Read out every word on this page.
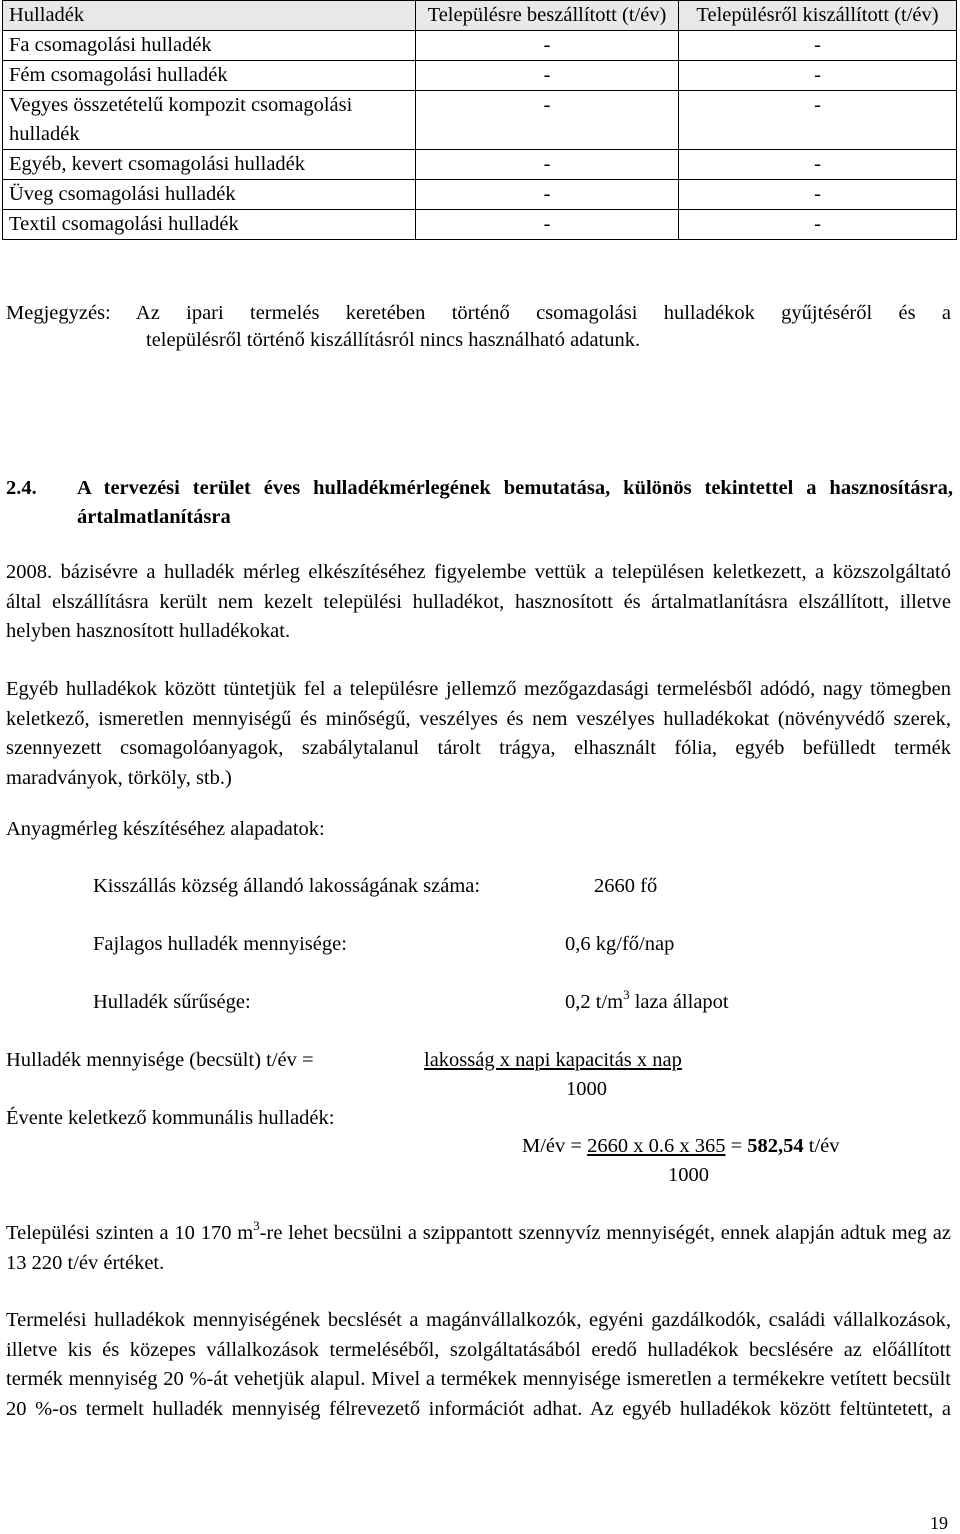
Hulladék	Településre beszállított (t/év)	Településről kiszállított (t/év)
Fa csomagolási hulladék	-	-
Fém csomagolási hulladék	-	-
Vegyes összetételű kompozit csomagolási hulladék	-	-
Egyéb, kevert csomagolási hulladék	-	-
Üveg csomagolási hulladék	-	-
Textil csomagolási hulladék	-	-
Megjegyzés: Az ipari termelés keretében történő csomagolási hulladékok gyűjtéséről és a
településről történő kiszállításról nincs használható adatunk.
2.4. A tervezési terület éves hulladékmérlegének bemutatása, különös tekintettel a hasznosításra, ártalmatlanításra
2008. bázisévre a hulladék mérleg elkészítéséhez figyelembe vettük a településen keletkezett, a közszolgáltató által elszállításra került nem kezelt települési hulladékot, hasznosított és ártalmatlanításra elszállított, illetve helyben hasznosított hulladékokat.
Egyéb hulladékok között tüntetjük fel a településre jellemző mezőgazdasági termelésből adódó, nagy tömegben keletkező, ismeretlen mennyiségű és minőségű, veszélyes és nem veszélyes hulladékokat (növényvédő szerek, szennyezett csomagolóanyagok, szabálytalanul tárolt trágya, elhasznált fólia, egyéb befülledt termék maradványok, törköly, stb.)
Anyagmérleg készítéséhez alapadatok:
Kisszállás község állandó lakosságának száma:	2660 fő
Fajlagos hulladék mennyisége:	0,6 kg/fő/nap
Hulladék sűrűsége:	0,2 $t/m^3$ laza állapot
Hulladék mennyisége (becsült) t/év =	lakosság x napi kapacitás x nap
1000
Évente keletkező kommunális hulladék:
M/év = 2660 x 0.6 x 365 = 582,54 t/év
1000
Települési szinten a 10 170 $m^3-re$ lehet becsülni a szippantott szennyvíz mennyiségét, ennek alapján adtuk meg az 13 220 t/év értéket.
Termelési hulladékok mennyiségének becslését a magánvállalkozók, egyéni gazdálkodók, családi vállalkozások, illetve kis és közepes vállalkozások termeléséből, szolgáltatásából eredő hulladékok becslésére az előállított termék mennyiség 20 %-át vehetjük alapul. Mivel a termékek mennyisége ismeretlen a termékekre vetített becsült 20 %-os termelt hulladék mennyiség félrevezető információt adhat. Az egyéb hulladékok között feltüntetett, a
19
